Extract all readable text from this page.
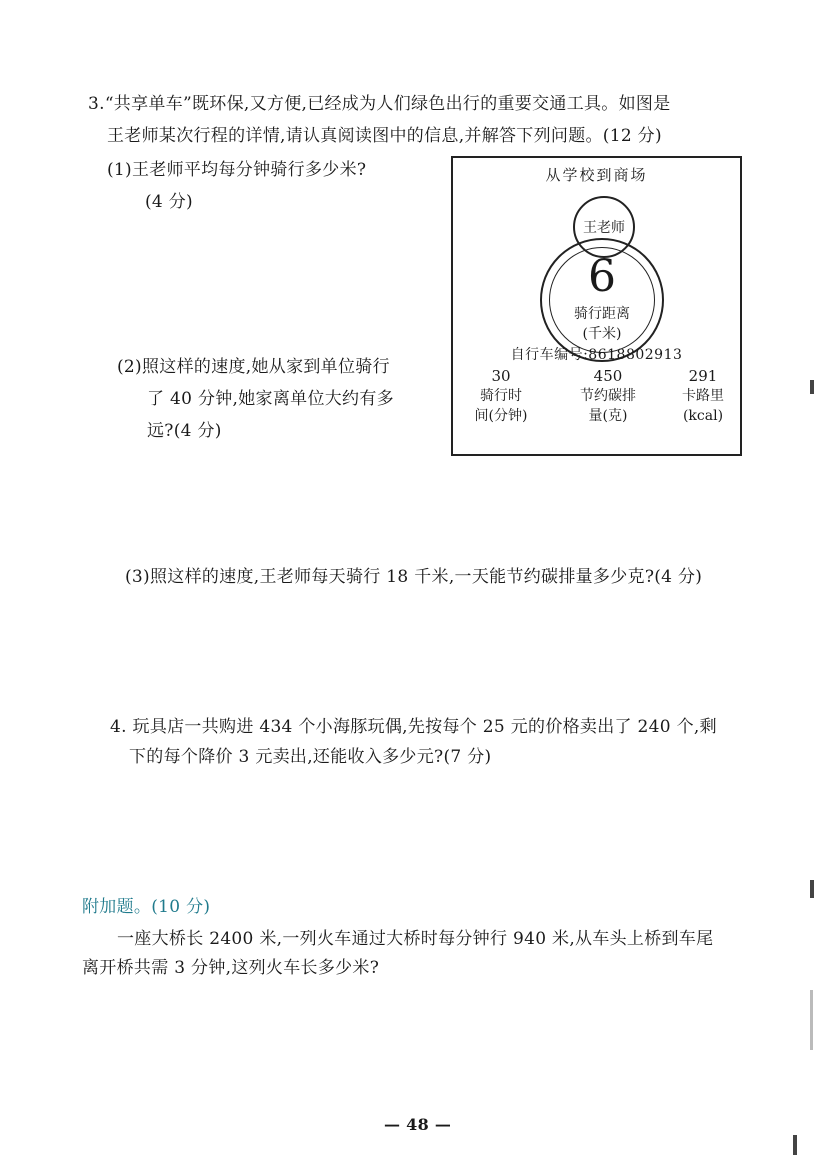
3.“共享单车”既环保,又方便,已经成为人们绿色出行的重要交通工具。如图是
王老师某次行程的详情,请认真阅读图中的信息,并解答下列问题。(12 分)
(1)王老师平均每分钟骑行多少米?
(4 分)
(2)照这样的速度,她从家到单位骑行
了 40 分钟,她家离单位大约有多
远?(4 分)
(3)照这样的速度,王老师每天骑行 18 千米,一天能节约碳排量多少克?(4 分)
从学校到商场
王老师
6
骑行距离
(千米)
自行车编号:8618802913
30
骑行时
间(分钟)
450
节约碳排
量(克)
291
卡路里
(kcal)
4. 玩具店一共购进 434 个小海豚玩偶,先按每个 25 元的价格卖出了 240 个,剩
下的每个降价 3 元卖出,还能收入多少元?(7 分)
附加题。(10 分)
一座大桥长 2400 米,一列火车通过大桥时每分钟行 940 米,从车头上桥到车尾
离开桥共需 3 分钟,这列火车长多少米?
— 48 —
